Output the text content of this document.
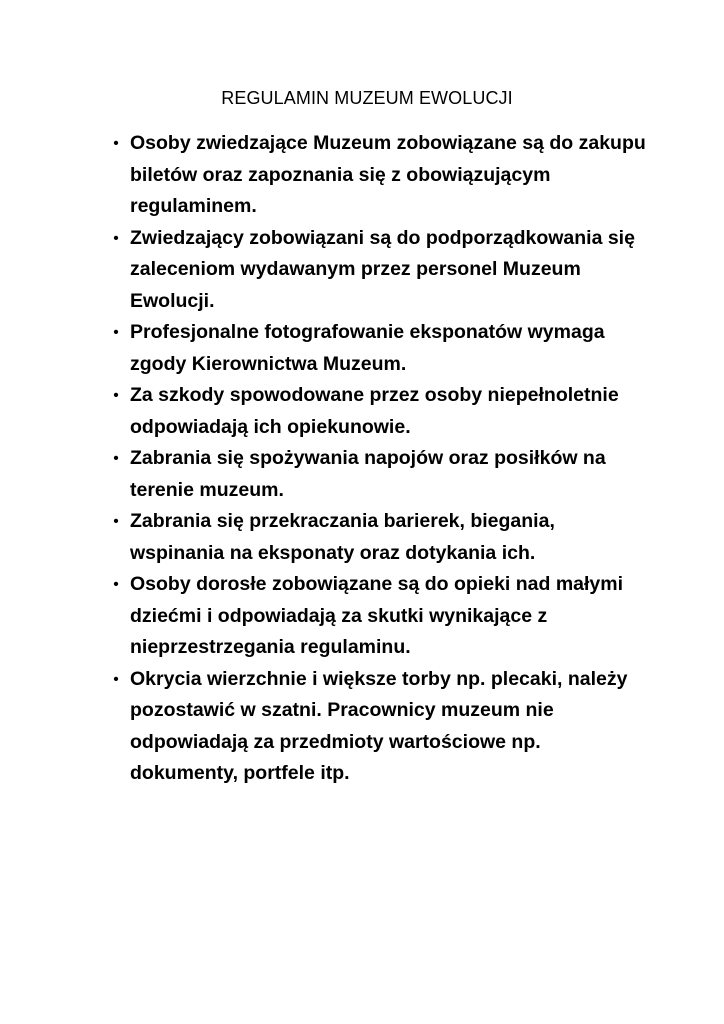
REGULAMIN MUZEUM EWOLUCJI
• Osoby zwiedzające Muzeum zobowiązane są do zakupu
biletów oraz zapoznania się z obowiązującym
regulaminem.
• Zwiedzający zobowiązani są do podporządkowania się
zaleceniom wydawanym przez personel Muzeum
Ewolucji.
• Profesjonalne fotografowanie eksponatów wymaga
zgody Kierownictwa Muzeum.
• Za szkody spowodowane przez osoby niepełnoletnie
odpowiadają ich opiekunowie.
• Zabrania się spożywania napojów oraz posiłków na
terenie muzeum.
• Zabrania się przekraczania barierek, biegania,
wspinania na eksponaty oraz dotykania ich.
• Osoby dorosłe zobowiązane są do opieki nad małymi
dziećmi i odpowiadają za skutki wynikające z
nieprzestrzegania regulaminu.
• Okrycia wierzchnie i większe torby np. plecaki, należy
pozostawić w szatni. Pracownicy muzeum nie
odpowiadają za przedmioty wartościowe np.
dokumenty, portfele itp.
